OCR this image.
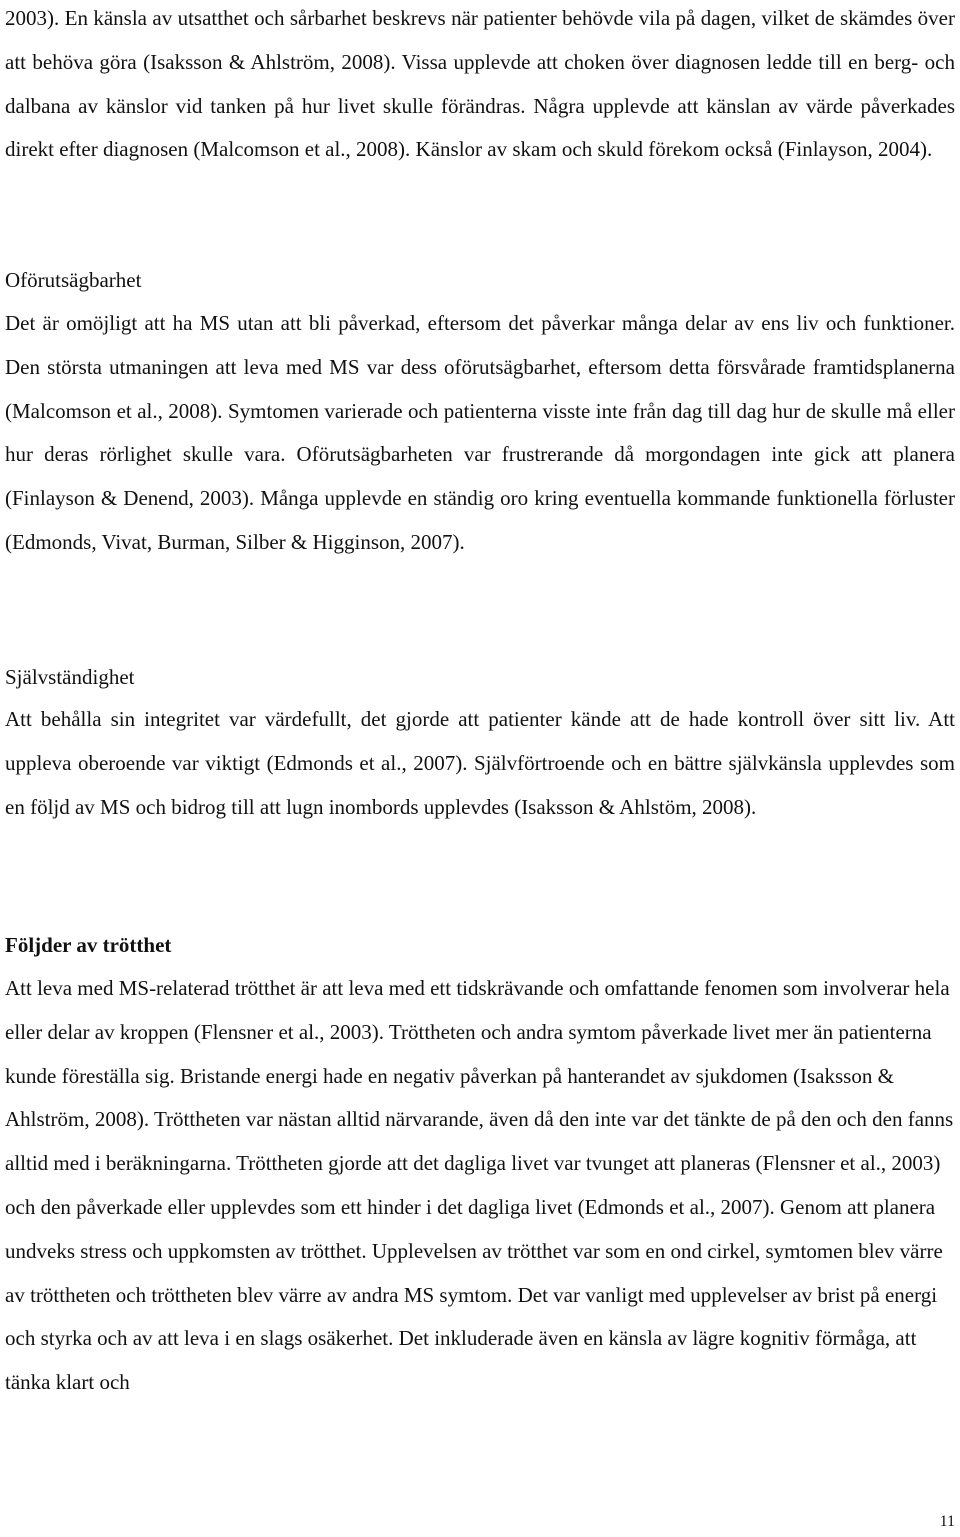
2003). En känsla av utsatthet och sårbarhet beskrevs när patienter behövde vila på dagen, vilket de skämdes över att behöva göra (Isaksson & Ahlström, 2008). Vissa upplevde att choken över diagnosen ledde till en berg- och dalbana av känslor vid tanken på hur livet skulle förändras. Några upplevde att känslan av värde påverkades direkt efter diagnosen (Malcomson et al., 2008). Känslor av skam och skuld förekom också (Finlayson, 2004).

Oförutsägbarhet

Det är omöjligt att ha MS utan att bli påverkad, eftersom det påverkar många delar av ens liv och funktioner. Den största utmaningen att leva med MS var dess oförutsägbarhet, eftersom detta försvårade framtidsplanerna (Malcomson et al., 2008). Symtomen varierade och patienterna visste inte från dag till dag hur de skulle må eller hur deras rörlighet skulle vara. Oförutsägbarheten var frustrerande då morgondagen inte gick att planera (Finlayson & Denend, 2003). Många upplevde en ständig oro kring eventuella kommande funktionella förluster (Edmonds, Vivat, Burman, Silber & Higginson, 2007).

Självständighet

Att behålla sin integritet var värdefullt, det gjorde att patienter kände att de hade kontroll över sitt liv. Att uppleva oberoende var viktigt (Edmonds et al., 2007). Självförtroende och en bättre självkänsla upplevdes som en följd av MS och bidrog till att lugn inombords upplevdes (Isaksson & Ahlstöm, 2008).

Följder av trötthet

Att leva med MS-relaterad trötthet är att leva med ett tidskrävande och omfattande fenomen som involverar hela eller delar av kroppen (Flensner et al., 2003). Tröttheten och andra symtom påverkade livet mer än patienterna kunde föreställa sig. Bristande energi hade en negativ påverkan på hanterandet av sjukdomen (Isaksson & Ahlström, 2008). Tröttheten var nästan alltid närvarande, även då den inte var det tänkte de på den och den fanns alltid med i beräkningarna. Tröttheten gjorde att det dagliga livet var tvunget att planeras (Flensner et al., 2003) och den påverkade eller upplevdes som ett hinder i det dagliga livet (Edmonds et al., 2007). Genom att planera undveks stress och uppkomsten av trötthet. Upplevelsen av trötthet var som en ond cirkel, symtomen blev värre av tröttheten och tröttheten blev värre av andra MS symtom. Det var vanligt med upplevelser av brist på energi och styrka och av att leva i en slags osäkerhet. Det inkluderade även en känsla av lägre kognitiv förmåga, att tänka klart och

11
